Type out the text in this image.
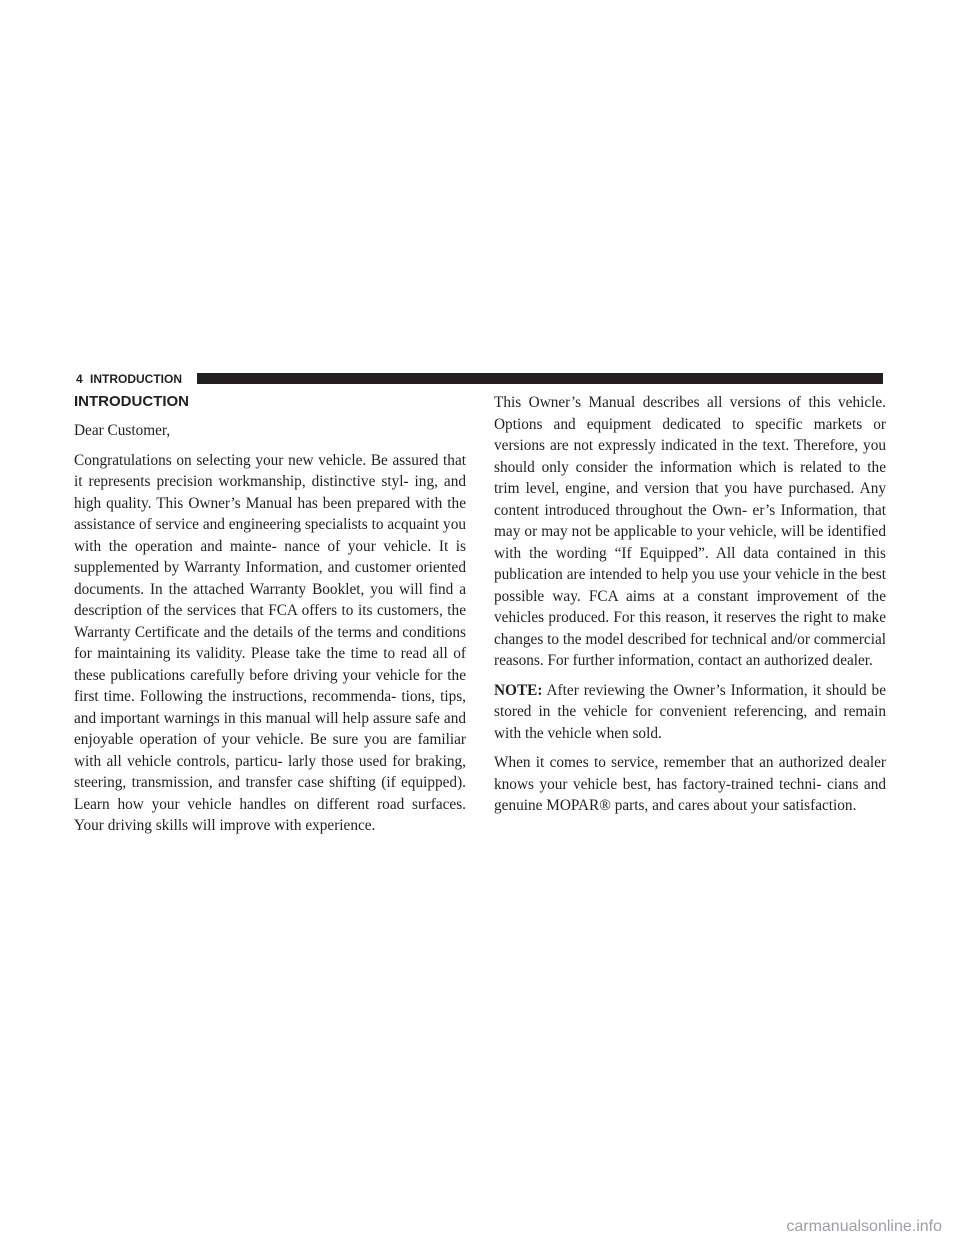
4 INTRODUCTION
INTRODUCTION

Dear Customer,

Congratulations on selecting your new vehicle. Be assured that it represents precision workmanship, distinctive styl- ing, and high quality. This Owner’s Manual has been prepared with the assistance of service and engineering specialists to acquaint you with the operation and mainte- nance of your vehicle. It is supplemented by Warranty Information, and customer oriented documents. In the attached Warranty Booklet, you will find a description of the services that FCA offers to its customers, the Warranty Certificate and the details of the terms and conditions for maintaining its validity. Please take the time to read all of these publications carefully before driving your vehicle for the first time. Following the instructions, recommenda- tions, tips, and important warnings in this manual will help assure safe and enjoyable operation of your vehicle. Be sure you are familiar with all vehicle controls, particu- larly those used for braking, steering, transmission, and transfer case shifting (if equipped). Learn how your vehicle handles on different road surfaces. Your driving skills will improve with experience.

This Owner’s Manual describes all versions of this vehicle. Options and equipment dedicated to specific markets or versions are not expressly indicated in the text. Therefore, you should only consider the information which is related to the trim level, engine, and version that you have purchased. Any content introduced throughout the Own- er’s Information, that may or may not be applicable to your vehicle, will be identified with the wording “If Equipped”. All data contained in this publication are intended to help you use your vehicle in the best possible way. FCA aims at a constant improvement of the vehicles produced. For this reason, it reserves the right to make changes to the model described for technical and/or commercial reasons. For further information, contact an authorized dealer.

NOTE: After reviewing the Owner’s Information, it should be stored in the vehicle for convenient referencing, and remain with the vehicle when sold.

When it comes to service, remember that an authorized dealer knows your vehicle best, has factory-trained techni- cians and genuine MOPAR® parts, and cares about your satisfaction.

carmanualsonline.info
